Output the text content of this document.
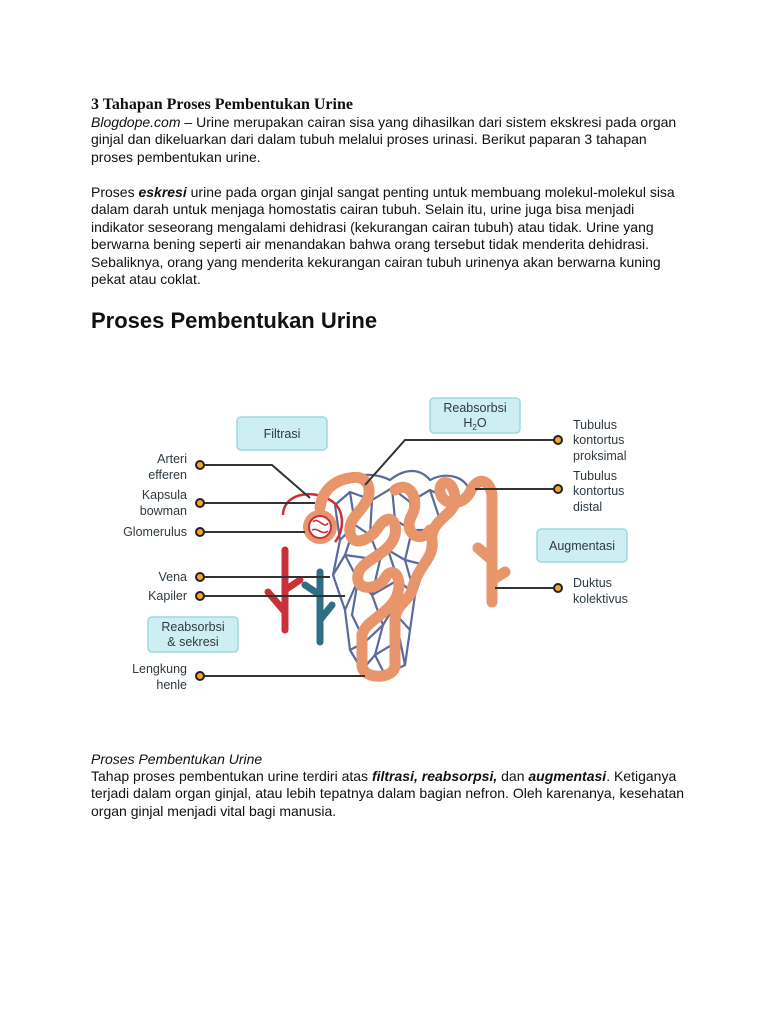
3 Tahapan Proses Pembentukan Urine

Blogdope.com – Urine merupakan cairan sisa yang dihasilkan dari sistem ekskresi pada organ ginjal dan dikeluarkan dari dalam tubuh melalui proses urinasi. Berikut paparan 3 tahapan proses pembentukan urine.

Proses eskresi urine pada organ ginjal sangat penting untuk membuang molekul-molekul sisa dalam darah untuk menjaga homostatis cairan tubuh. Selain itu, urine juga bisa menjadi indikator seseorang mengalami dehidrasi (kekurangan cairan tubuh) atau tidak. Urine yang berwarna bening seperti air menandakan bahwa orang tersebut tidak menderita dehidrasi. Sebaliknya, orang yang menderita kekurangan cairan tubuh urinenya akan berwarna kuning pekat atau coklat.

Proses Pembentukan Urine
Filtrasi
Reabsorbsi
$H_2O$
Augmentasi
Reabsorbsi
& sekresi
Arteri
efferen
Kapsula
bowman
Glomerulus
Vena
Kapiler
Lengkung
henle
Tubulus
kontortus
proksimal
Tubulus
kontortus
distal
Duktus
kolektivus

Proses Pembentukan Urine

Tahap proses pembentukan urine terdiri atas filtrasi, reabsorpsi, dan augmentasi. Ketiganya terjadi dalam organ ginjal, atau lebih tepatnya dalam bagian nefron. Oleh karenanya, kesehatan organ ginjal menjadi vital bagi manusia.
